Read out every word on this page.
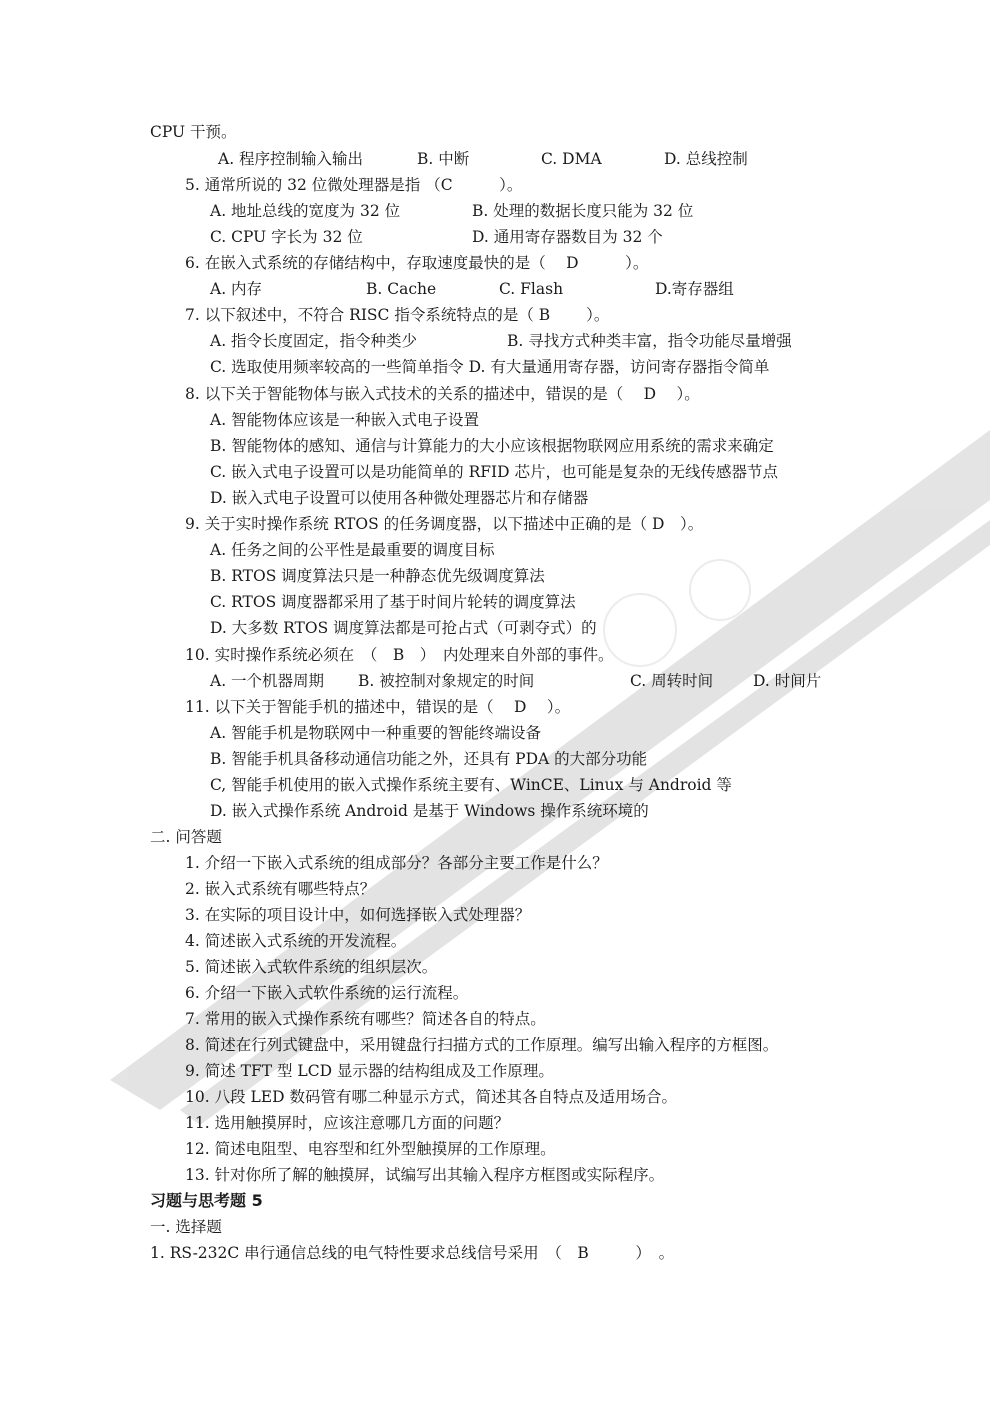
CPU 干预。
A. 程序控制输入输出	B. 中断	C. DMA	D. 总线控制
5. 通常所说的 32 位微处理器是指 （C　　　）。
A. 地址总线的宽度为 32 位	B. 处理的数据长度只能为 32 位
C. CPU 字长为 32 位	D. 通用寄存器数目为 32 个
6. 在嵌入式系统的存储结构中，存取速度最快的是（　 D　　　）。
A. 内存	B. Cache	C. Flash	D.寄存器组
7. 以下叙述中，不符合 RISC 指令系统特点的是（ B　　 ）。
A. 指令长度固定，指令种类少	B. 寻找方式种类丰富，指令功能尽量增强
C. 选取使用频率较高的一些简单指令 D. 有大量通用寄存器，访问寄存器指令简单
8. 以下关于智能物体与嵌入式技术的关系的描述中，错误的是（　 D　 ）。
A. 智能物体应该是一种嵌入式电子设置
B. 智能物体的感知、通信与计算能力的大小应该根据物联网应用系统的需求来确定
C. 嵌入式电子设置可以是功能简单的 RFID 芯片，也可能是复杂的无线传感器节点
D. 嵌入式电子设置可以使用各种微处理器芯片和存储器
9. 关于实时操作系统 RTOS 的任务调度器，以下描述中正确的是（ D　）。
A. 任务之间的公平性是最重要的调度目标
B. RTOS 调度算法只是一种静态优先级调度算法
C. RTOS 调度器都采用了基于时间片轮转的调度算法
D. 大多数 RTOS 调度算法都是可抢占式（可剥夺式）的
10. 实时操作系统必须在　（　B　）　内处理来自外部的事件。
A. 一个机器周期 B. 被控制对象规定的时间	C. 周转时间	D. 时间片
11. 以下关于智能手机的描述中，错误的是（　 D　 ）。
A. 智能手机是物联网中一种重要的智能终端设备
B. 智能手机具备移动通信功能之外，还具有 PDA 的大部分功能
C, 智能手机使用的嵌入式操作系统主要有、WinCE、Linux 与 Android 等
D. 嵌入式操作系统 Android 是基于 Windows 操作系统环境的
二. 问答题
1. 介绍一下嵌入式系统的组成部分？各部分主要工作是什么？
2. 嵌入式系统有哪些特点？
3. 在实际的项目设计中，如何选择嵌入式处理器？
4. 简述嵌入式系统的开发流程。
5. 简述嵌入式软件系统的组织层次。
6. 介绍一下嵌入式软件系统的运行流程。
7. 常用的嵌入式操作系统有哪些？简述各自的特点。
8. 简述在行列式键盘中，采用键盘行扫描方式的工作原理。编写出输入程序的方框图。
9. 简述 TFT 型 LCD 显示器的结构组成及工作原理。
10. 八段 LED 数码管有哪二种显示方式，简述其各自特点及适用场合。
11. 选用触摸屏时，应该注意哪几方面的问题？
12. 简述电阻型、电容型和红外型触摸屏的工作原理。
13. 针对你所了解的触摸屏，试编写出其输入程序方框图或实际程序。
习题与思考题 5
一. 选择题
1. RS-232C 串行通信总线的电气特性要求总线信号采用　（　B　　　）　。
